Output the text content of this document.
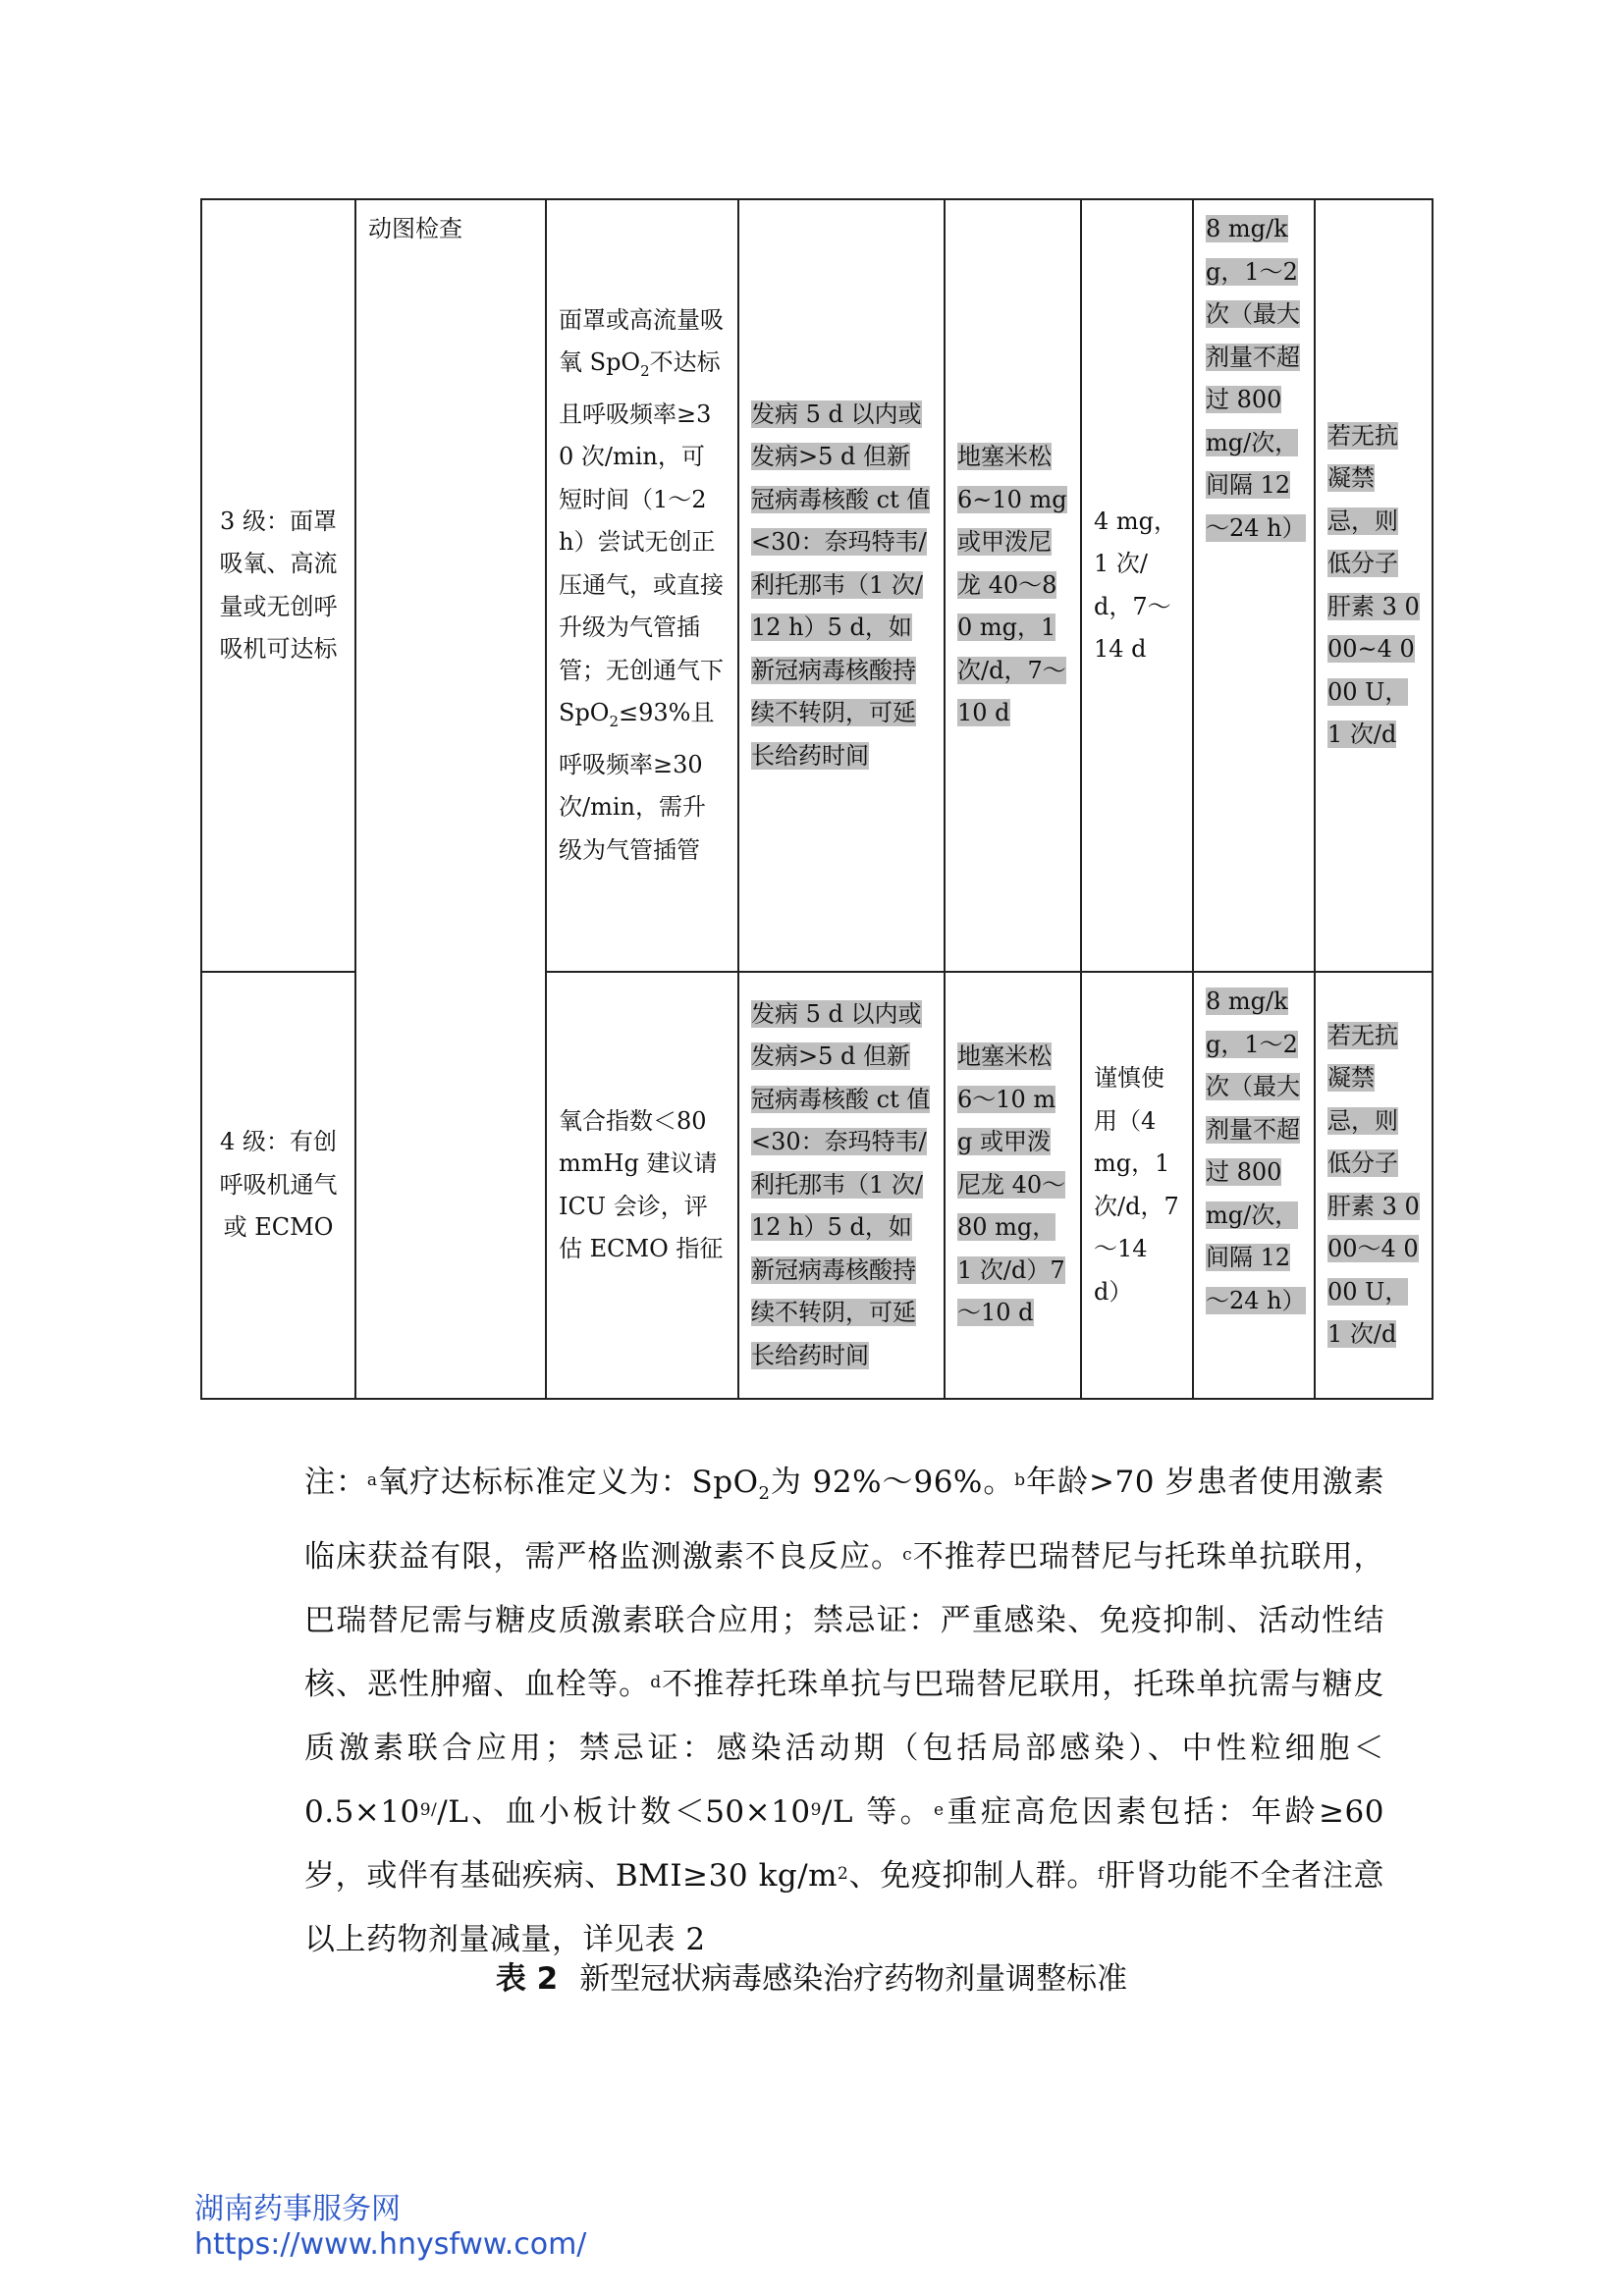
3 级：面罩吸氧、高流量或无创呼吸机可达标	动图检查	面罩或高流量吸氧 SpO$_2$不达标且呼吸频率≥30 次/min，可短时间（1～2 h）尝试无创正压通气，或直接升级为气管插管；无创通气下 SpO$_2$≤93%且呼吸频率≥30 次/min，需升级为气管插管	发病 5 d 以内或发病>5 d 但新冠病毒核酸 ct 值<30：奈玛特韦/利托那韦（1 次/12 h）5 d，如新冠病毒核酸持续不转阴，可延长给药时间	地塞米松 6~10 mg 或甲泼尼龙 40～80 mg，1 次/d，7～10 d	4 mg，1 次/d，7～14 d	8 mg/kg，1～2 次（最大剂量不超过 800 mg/次，间隔 12～24 h）	若无抗凝禁忌，则低分子肝素 3 000~4 000 U，1 次/d
4 级：有创呼吸机通气或 ECMO		氧合指数＜80 mmHg 建议请 ICU 会诊，评估 ECMO 指征	发病 5 d 以内或发病>5 d 但新冠病毒核酸 ct 值<30：奈玛特韦/利托那韦（1 次/12 h）5 d，如新冠病毒核酸持续不转阴，可延长给药时间	地塞米松 6～10 mg 或甲泼尼龙 40～80 mg，1 次/d）7～10 d	谨慎使用（4 mg，1 次/d，7～14 d）	8 mg/kg，1～2 次（最大剂量不超过 800 mg/次，间隔 12～24 h）	若无抗凝禁忌，则低分子肝素 3 000～4 000 U，1 次/d
注：$^a$氧疗达标标准定义为：SpO$_2$为 92%～96%。$^b$年龄>70 岁患者使用激素临床获益有限，需严格监测激素不良反应。$^c$不推荐巴瑞替尼与托珠单抗联用，巴瑞替尼需与糖皮质激素联合应用；禁忌证：严重感染、免疫抑制、活动性结核、恶性肿瘤、血栓等。$^d$不推荐托珠单抗与巴瑞替尼联用，托珠单抗需与糖皮质激素联合应用；禁忌证：感染活动期（包括局部感染）、中性粒细胞$<0.5\times 10^{9/}/L$、血小板计数$<50\times 10^9/L$ 等。$^e$重症高危因素包括：年龄≥60 岁，或伴有基础疾病、BMI≥30 $kg/m^2$、免疫抑制人群。$^f$肝肾功能不全者注意以上药物剂量减量，详见表 2
表 2 新型冠状病毒感染治疗药物剂量调整标准
湖南药事服务网
https://www.hnysfww.com/
